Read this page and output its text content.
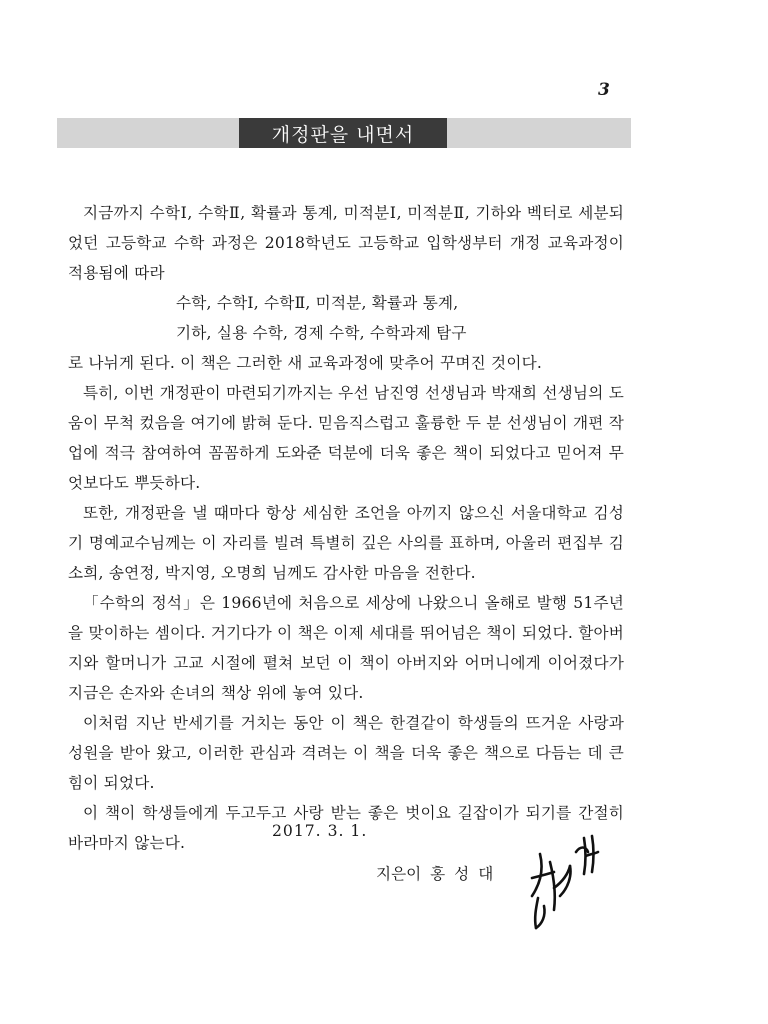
3
개정판을 내면서

지금까지 수학Ⅰ, 수학Ⅱ, 확률과 통계, 미적분Ⅰ, 미적분Ⅱ, 기하와 벡터로 세분되었던 고등학교 수학 과정은 2018학년도 고등학교 입학생부터 개정 교육과정이 적용됨에 따라

수학, 수학Ⅰ, 수학Ⅱ, 미적분, 확률과 통계,

기하, 실용 수학, 경제 수학, 수학과제 탐구

로 나뉘게 된다. 이 책은 그러한 새 교육과정에 맞추어 꾸며진 것이다.

특히, 이번 개정판이 마련되기까지는 우선 남진영 선생님과 박재희 선생님의 도움이 무척 컸음을 여기에 밝혀 둔다. 믿음직스럽고 훌륭한 두 분 선생님이 개편 작업에 적극 참여하여 꼼꼼하게 도와준 덕분에 더욱 좋은 책이 되었다고 믿어져 무엇보다도 뿌듯하다.

또한, 개정판을 낼 때마다 항상 세심한 조언을 아끼지 않으신 서울대학교 김성기 명예교수님께는 이 자리를 빌려 특별히 깊은 사의를 표하며, 아울러 편집부 김소희, 송연정, 박지영, 오명희 님께도 감사한 마음을 전한다.

「수학의 정석」은 1966년에 처음으로 세상에 나왔으니 올해로 발행 51주년을 맞이하는 셈이다. 거기다가 이 책은 이제 세대를 뛰어넘은 책이 되었다. 할아버지와 할머니가 고교 시절에 펼쳐 보던 이 책이 아버지와 어머니에게 이어졌다가 지금은 손자와 손녀의 책상 위에 놓여 있다.

이처럼 지난 반세기를 거치는 동안 이 책은 한결같이 학생들의 뜨거운 사랑과 성원을 받아 왔고, 이러한 관심과 격려는 이 책을 더욱 좋은 책으로 다듬는 데 큰 힘이 되었다.

이 책이 학생들에게 두고두고 사랑 받는 좋은 벗이요 길잡이가 되기를 간절히 바라마지 않는다.

2017. 3. 1.
지은이 홍 성 대
